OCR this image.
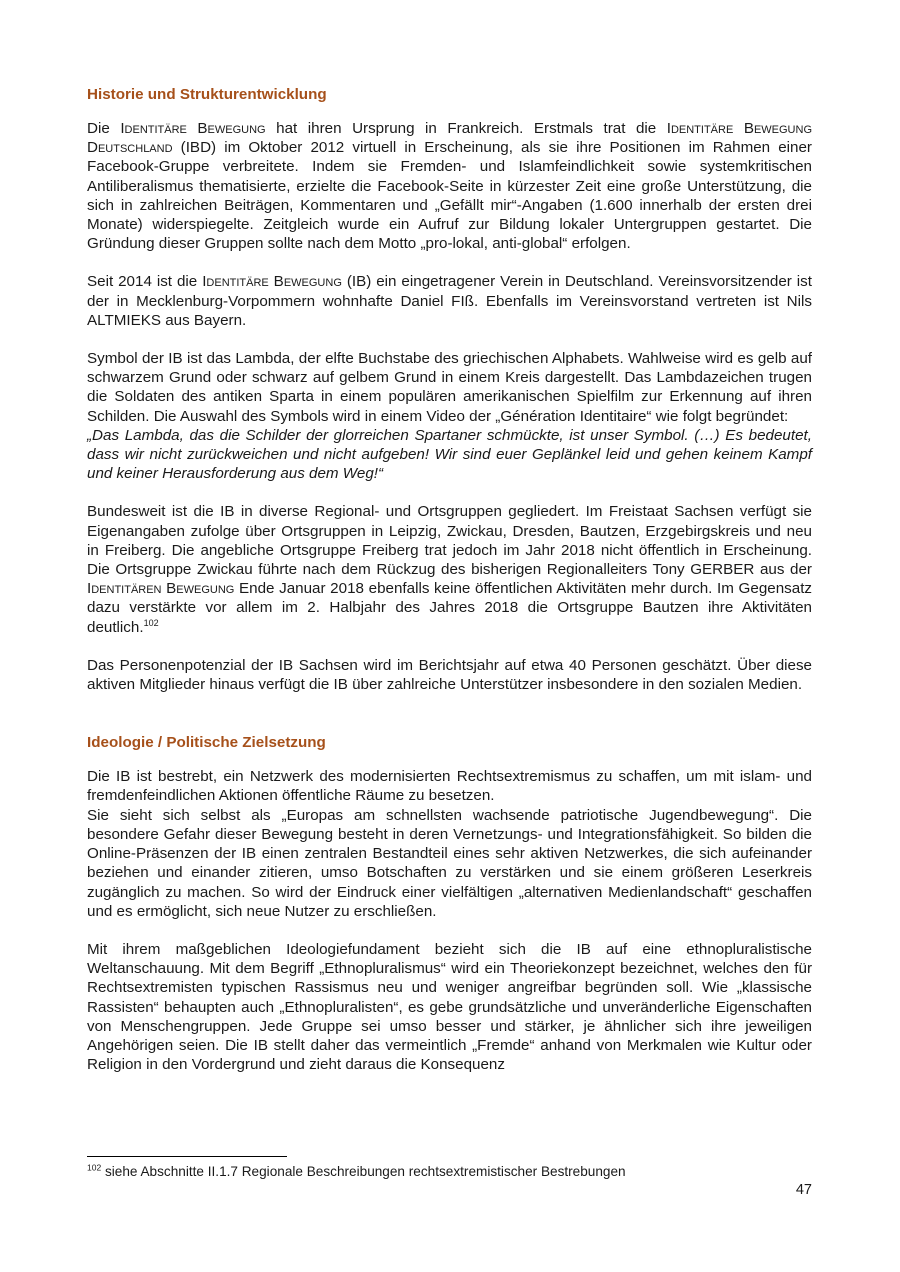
Historie und Strukturentwicklung

Die Identitäre Bewegung hat ihren Ursprung in Frankreich. Erstmals trat die Identitäre Bewegung Deutschland (IBD) im Oktober 2012 virtuell in Erscheinung, als sie ihre Positionen im Rahmen einer Facebook-Gruppe verbreitete. Indem sie Fremden- und Islamfeindlichkeit sowie systemkritischen Antiliberalismus thematisierte, erzielte die Facebook-Seite in kürzester Zeit eine große Unterstützung, die sich in zahlreichen Beiträgen, Kommentaren und „Gefällt mir“-Angaben (1.600 innerhalb der ersten drei Monate) widerspiegelte. Zeitgleich wurde ein Aufruf zur Bildung lokaler Untergruppen gestartet. Die Gründung dieser Gruppen sollte nach dem Motto „pro-lokal, anti-global“ erfolgen.

Seit 2014 ist die Identitäre Bewegung (IB) ein eingetragener Verein in Deutschland. Vereinsvorsitzender ist der in Mecklenburg-Vorpommern wohnhafte Daniel FIß. Ebenfalls im Vereinsvorstand vertreten ist Nils ALTMIEKS aus Bayern.

Symbol der IB ist das Lambda, der elfte Buchstabe des griechischen Alphabets. Wahlweise wird es gelb auf schwarzem Grund oder schwarz auf gelbem Grund in einem Kreis dargestellt. Das Lambdazeichen trugen die Soldaten des antiken Sparta in einem populären amerikanischen Spielfilm zur Erkennung auf ihren Schilden. Die Auswahl des Symbols wird in einem Video der „Génération Identitaire“ wie folgt begründet:

„Das Lambda, das die Schilder der glorreichen Spartaner schmückte, ist unser Symbol. (…) Es bedeutet, dass wir nicht zurückweichen und nicht aufgeben! Wir sind euer Geplänkel leid und gehen keinem Kampf und keiner Herausforderung aus dem Weg!“

Bundesweit ist die IB in diverse Regional- und Ortsgruppen gegliedert. Im Freistaat Sachsen verfügt sie Eigenangaben zufolge über Ortsgruppen in Leipzig, Zwickau, Dresden, Bautzen, Erzgebirgskreis und neu in Freiberg. Die angebliche Ortsgruppe Freiberg trat jedoch im Jahr 2018 nicht öffentlich in Erscheinung. Die Ortsgruppe Zwickau führte nach dem Rückzug des bisherigen Regionalleiters Tony GERBER aus der Identitären Bewegung Ende Januar 2018 ebenfalls keine öffentlichen Aktivitäten mehr durch. Im Gegensatz dazu verstärkte vor allem im 2. Halbjahr des Jahres 2018 die Ortsgruppe Bautzen ihre Aktivitäten deutlich.$^{102}$

Das Personenpotenzial der IB Sachsen wird im Berichtsjahr auf etwa 40 Personen geschätzt. Über diese aktiven Mitglieder hinaus verfügt die IB über zahlreiche Unterstützer insbesondere in den sozialen Medien.

Ideologie / Politische Zielsetzung

Die IB ist bestrebt, ein Netzwerk des modernisierten Rechtsextremismus zu schaffen, um mit islam- und fremdenfeindlichen Aktionen öffentliche Räume zu besetzen.

Sie sieht sich selbst als „Europas am schnellsten wachsende patriotische Jugendbewegung“. Die besondere Gefahr dieser Bewegung besteht in deren Vernetzungs- und Integrationsfähigkeit. So bilden die Online-Präsenzen der IB einen zentralen Bestandteil eines sehr aktiven Netzwerkes, die sich aufeinander beziehen und einander zitieren, umso Botschaften zu verstärken und sie einem größeren Leserkreis zugänglich zu machen. So wird der Eindruck einer vielfältigen „alternativen Medienlandschaft“ geschaffen und es ermöglicht, sich neue Nutzer zu erschließen.

Mit ihrem maßgeblichen Ideologiefundament bezieht sich die IB auf eine ethnopluralistische Weltanschauung. Mit dem Begriff „Ethnopluralismus“ wird ein Theoriekonzept bezeichnet, welches den für Rechtsextremisten typischen Rassismus neu und weniger angreifbar begründen soll. Wie „klassische Rassisten“ behaupten auch „Ethnopluralisten“, es gebe grundsätzliche und unveränderliche Eigenschaften von Menschengruppen. Jede Gruppe sei umso besser und stärker, je ähnlicher sich ihre jeweiligen Angehörigen seien. Die IB stellt daher das vermeintlich „Fremde“ anhand von Merkmalen wie Kultur oder Religion in den Vordergrund und zieht daraus die Konsequenz

$^{102}$ siehe Abschnitte II.1.7 Regionale Beschreibungen rechtsextremistischer Bestrebungen
47
